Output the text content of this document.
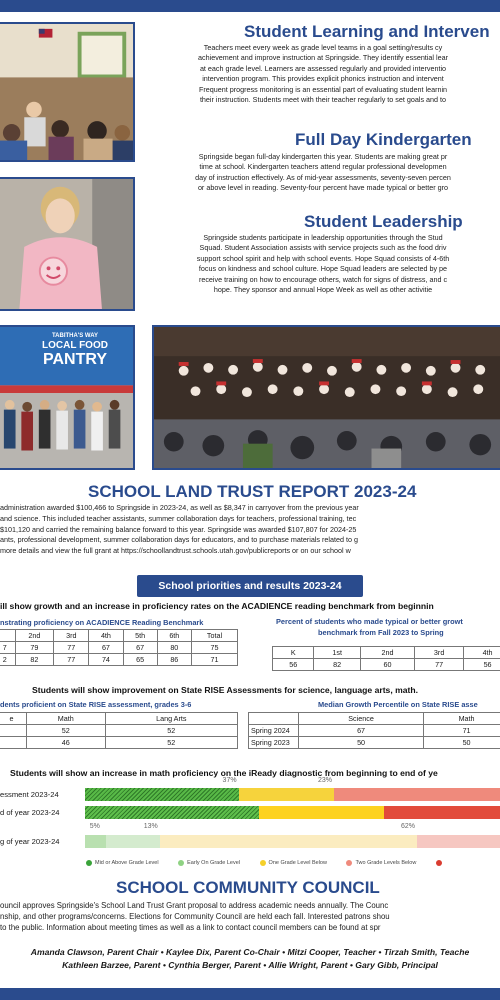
TABITHA'S WAY
LOCAL FOOD
PANTRY
Student Learning and Interven
Teachers meet every week as grade level teams in a goal setting/results cy
achievement and improve instruction at Springside. They identify essential lear
at each grade level. Learners are assessed regularly and provided interventio
intervention program. This provides explicit phonics instruction and intervent
Frequent progress monitoring is an essential part of evaluating student learnin
their instruction. Students meet with their teacher regularly to set goals and to
Full Day Kindergarten
Springside began full-day kindergarten this year. Students are making great pr
time at school. Kindergarten teachers attend regular professional developmen
day of instruction effectively. As of mid-year assessments, seventy-seven percen
or above level in reading. Seventy-four percent have made typical or better gro
Student Leadership
Springside students participate in leadership opportunities through the Stud
Squad. Student Association assists with service projects such as the food driv
support school spirit and help with school events. Hope Squad consists of 4-6th
focus on kindness and school culture. Hope Squad leaders are selected by pe
receive training on how to encourage others, watch for signs of distress, and c
hope. They sponsor and annual Hope Week as well as other activitie
SCHOOL LAND TRUST REPORT 2023-24
administration awarded $100,466 to Springside in 2023-24, as well as $8,347 in carryover from the previous year
and science. This included teacher assistants, summer collaboration days for teachers, professional training, tec
$101,120 and carried the remaining balance forward to this year. Springside was awarded $107,807 for 2024-25
ants, professional development, summer collaboration days for educators, and to purchase materials related to g
more details and view the full grant at https://schoollandtrust.schools.utah.gov/publicreports or on our school w
School priorities and results 2023-24
ill show growth and an increase in proficiency rates on the ACADIENCE reading benchmark from beginnin
nstrating proficiency on ACADIENCE Reading Benchmark
	2nd	3rd	4th	5th	6th	Total
7	79	77	67	67	80	75
2	82	77	74	65	86	71
Percent of students who made typical or better growt
benchmark from Fall 2023 to Spring
K	1st	2nd	3rd	4th
56	82	60	77	56
Students will show improvement on State RISE Assessments for science, language arts, math.
dents proficient on State RISE assessment, grades 3-6
e	Math	Lang Arts
	52	52
	46	52
Median Growth Percentile on State RISE asse
	Science	Math
Spring 2024	67	71
Spring 2023	50	50
Students will show an increase in math proficiency on the iReady diagnostic from beginning to end of ye
essment 2023-24
37%	23%
d of year 2023-24
g of year 2023-24
5%	13%	62%
Mid or Above Grade Level	Early On Grade Level	One Grade Level Below	Two Grade Levels Below
SCHOOL COMMUNITY COUNCIL
ouncil approves Springside's School Land Trust Grant proposal to address academic needs annually. The Counc
nship, and other programs/concerns. Elections for Community Council are held each fall. Interested patrons shou
to the public. Information about meeting times as well as a link to contact council members can be found at spr
Amanda Clawson, Parent Chair • Kaylee Dix, Parent Co-Chair • Mitzi Cooper, Teacher • Tirzah Smith, Teache
Kathleen Barzee, Parent • Cynthia Berger, Parent • Allie Wright, Parent • Gary Gibb, Principal
